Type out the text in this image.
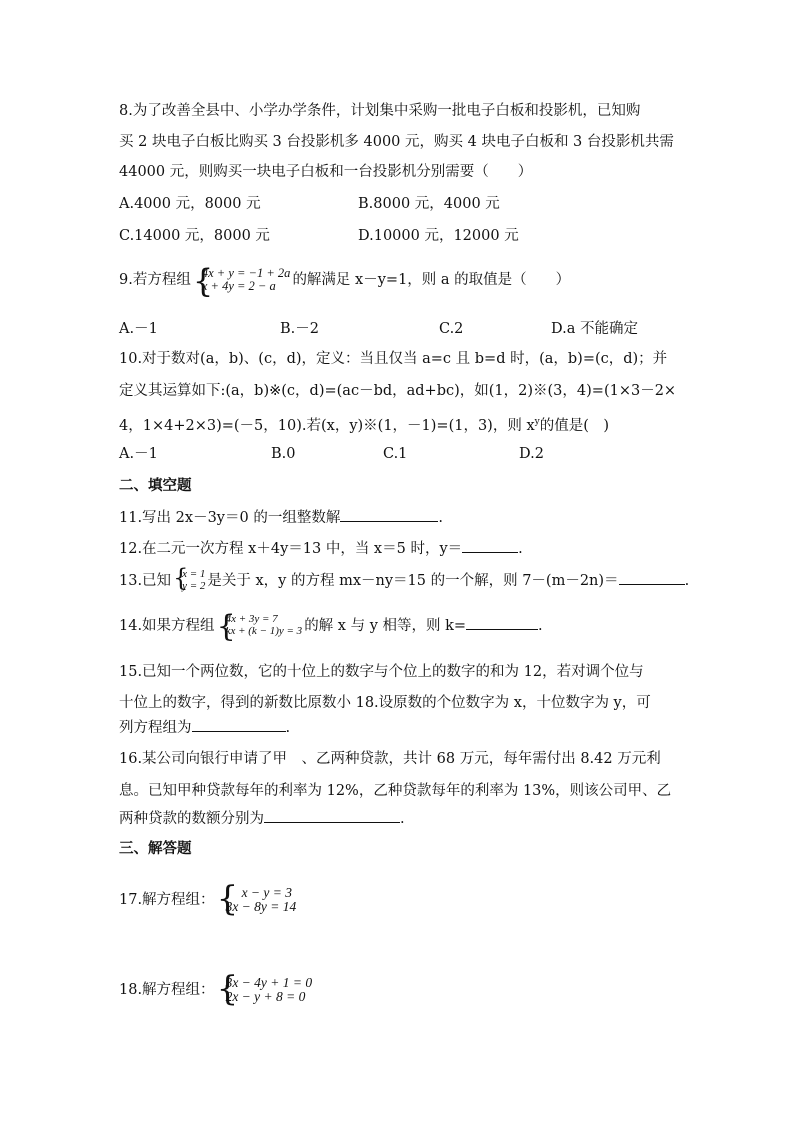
8.为了改善全县中、小学办学条件，计划集中采购一批电子白板和投影机，已知购
买 2 块电子白板比购买 3 台投影机多 4000 元，购买 4 块电子白板和 3 台投影机共需
44000 元，则购买一块电子白板和一台投影机分别需要（　　）
A.4000 元，8000 元	B.8000 元，4000 元
C.14000 元，8000 元	D.10000 元，12000 元
9.若方程组 {
4x + y = −1 + 2a
x + 4y = 2 − a	的解满足 x－y=1，则 a 的取值是（　　）
A.－1	B.－2	C.2	D.a 不能确定
10.对于数对(a，b)、(c，d)，定义：当且仅当 a=c 且 b=d 时，(a，b)=(c，d)；并
定义其运算如下:(a，b)※(c，d)=(ac－bd，ad+bc)，如(1，2)※(3，4)=(1×3－2×
4，1×4+2×3)=(－5，10).若(x，y)※(1，－1)=(1，3)，则 $x^y$的值是(　)
A.－1	B.0	C.1	D.2
二、填空题
11.写出 2x－3y＝0 的一组整数解	.
12.在二元一次方程 x＋4y＝13 中，当 x＝5 时，y＝	.
13.已知 {
x = 1
y = 2 是关于 x，y 的方程 mx－ny＝15 的一个解，则 7－(m－2n)＝	.
14.如果方程组 {
4x + 3y = 7
kx + (k − 1)y = 3 的解 x 与 y 相等，则 k=	.
15.已知一个两位数，它的十位上的数字与个位上的数字的和为 12，若对调个位与
十位上的数字，得到的新数比原数小 18.设原数的个位数字为 x，十位数字为 y，可
列方程组为	.
16.某公司向银行申请了甲　、乙两种贷款，共计 68 万元，每年需付出 8.42 万元利
息。已知甲种贷款每年的利率为 12%，乙种贷款每年的利率为 13%，则该公司甲、乙
两种贷款的数额分别为	.
三、解答题
17.解方程组： { x − y = 3
3x − 8y = 14
18.解方程组： {
3x − 4y + 1 = 0
2x − y + 8 = 0
